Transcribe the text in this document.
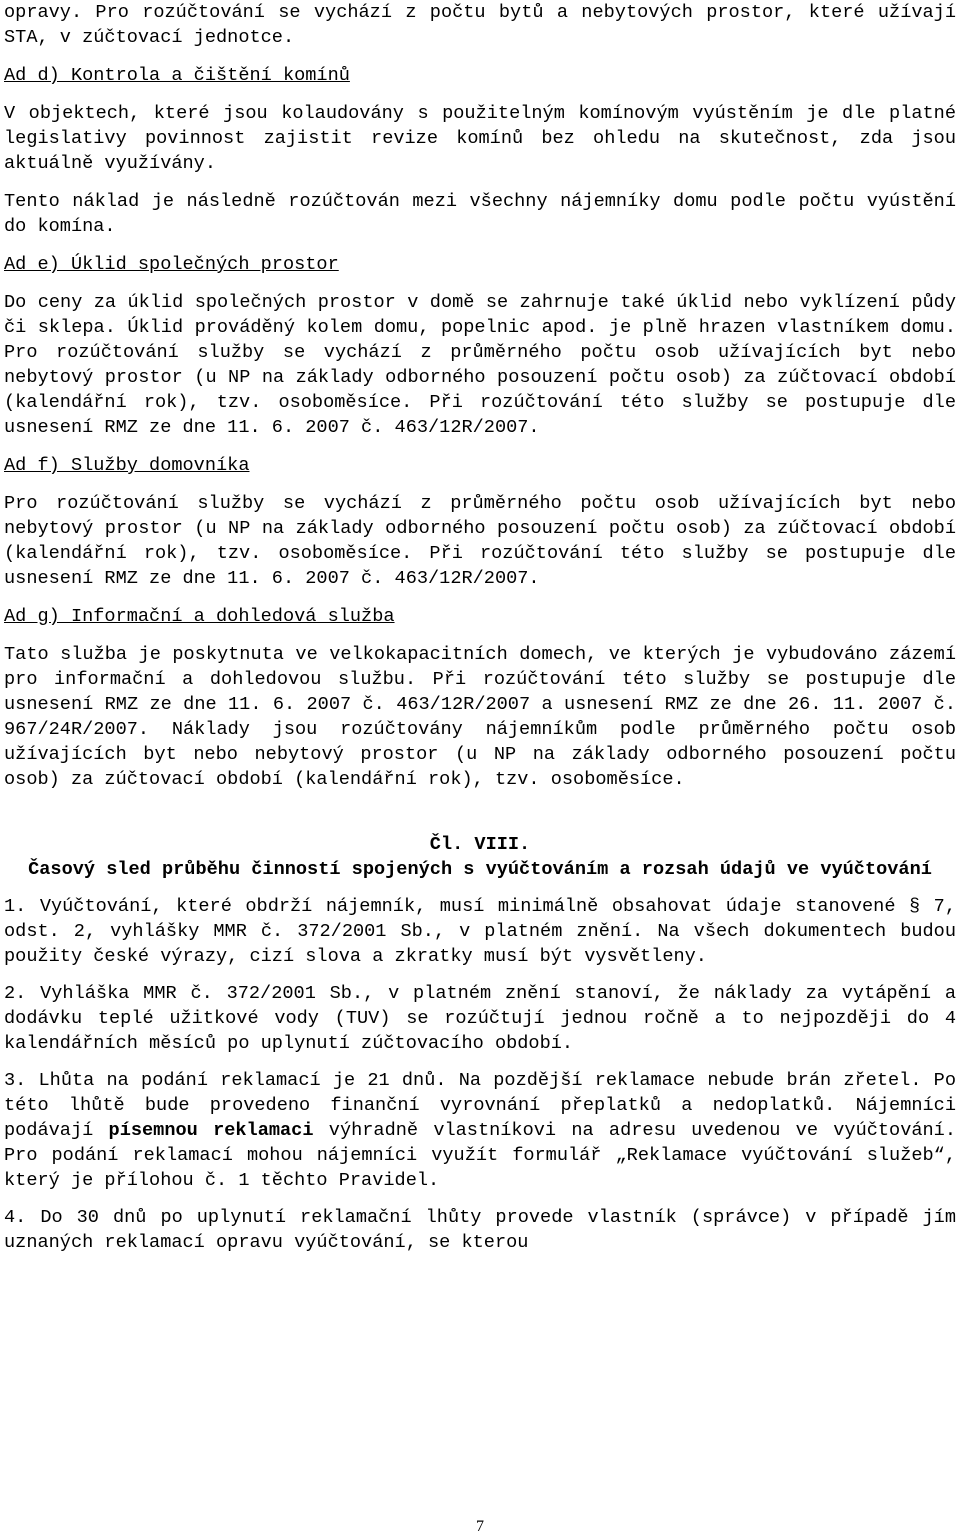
opravy. Pro rozúčtování se vychází z počtu bytů a nebytových prostor, které užívají STA, v zúčtovací jednotce.

Ad d) Kontrola a čištění komínů

V objektech, které jsou kolaudovány s použitelným komínovým vyústěním je dle platné legislativy povinnost zajistit revize komínů bez ohledu na skutečnost, zda jsou aktuálně využívány.

Tento náklad je následně rozúčtován mezi všechny nájemníky domu podle počtu vyústění do komína.

Ad e) Úklid společných prostor

Do ceny za úklid společných prostor v domě se zahrnuje také úklid nebo vyklízení půdy či sklepa. Úklid prováděný kolem domu, popelnic apod. je plně hrazen vlastníkem domu. Pro rozúčtování služby se vychází z průměrného počtu osob užívajících byt nebo nebytový prostor (u NP na základy odborného posouzení počtu osob) za zúčtovací období (kalendářní rok), tzv. osoboměsíce. Při rozúčtování této služby se postupuje dle usnesení RMZ ze dne 11. 6. 2007 č. 463/12R/2007.

Ad f) Služby domovníka

Pro rozúčtování služby se vychází z průměrného počtu osob užívajících byt nebo nebytový prostor (u NP na základy odborného posouzení počtu osob) za zúčtovací období (kalendářní rok), tzv. osoboměsíce. Při rozúčtování této služby se postupuje dle usnesení RMZ ze dne 11. 6. 2007 č. 463/12R/2007.

Ad g) Informační a dohledová služba

Tato služba je poskytnuta ve velkokapacitních domech, ve kterých je vybudováno zázemí pro informační a dohledovou službu. Při rozúčtování této služby se postupuje dle usnesení RMZ ze dne 11. 6. 2007 č. 463/12R/2007 a usnesení RMZ ze dne 26. 11. 2007 č. 967/24R/2007. Náklady jsou rozúčtovány nájemníkům podle průměrného počtu osob užívajících byt nebo nebytový prostor (u NP na základy odborného posouzení počtu osob) za zúčtovací období (kalendářní rok), tzv. osoboměsíce.

Čl. VIII.

Časový sled průběhu činností spojených s vyúčtováním a rozsah údajů ve vyúčtování

1. Vyúčtování, které obdrží nájemník, musí minimálně obsahovat údaje stanovené § 7, odst. 2, vyhlášky MMR č. 372/2001 Sb., v platném znění. Na všech dokumentech budou použity české výrazy, cizí slova a zkratky musí být vysvětleny.

2. Vyhláška MMR č. 372/2001 Sb., v platném znění stanoví, že náklady za vytápění a dodávku teplé užitkové vody (TUV) se rozúčtují jednou ročně a to nejpozději do 4 kalendářních měsíců po uplynutí zúčtovacího období.

3. Lhůta na podání reklamací je 21 dnů. Na pozdější reklamace nebude brán zřetel. Po této lhůtě bude provedeno finanční vyrovnání přeplatků a nedoplatků. Nájemníci podávají písemnou reklamaci výhradně vlastníkovi na adresu uvedenou ve vyúčtování. Pro podání reklamací mohou nájemníci využít formulář „Reklamace vyúčtování služeb“, který je přílohou č. 1 těchto Pravidel.

4. Do 30 dnů po uplynutí reklamační lhůty provede vlastník (správce) v případě jím uznaných reklamací opravu vyúčtování, se kterou

7
